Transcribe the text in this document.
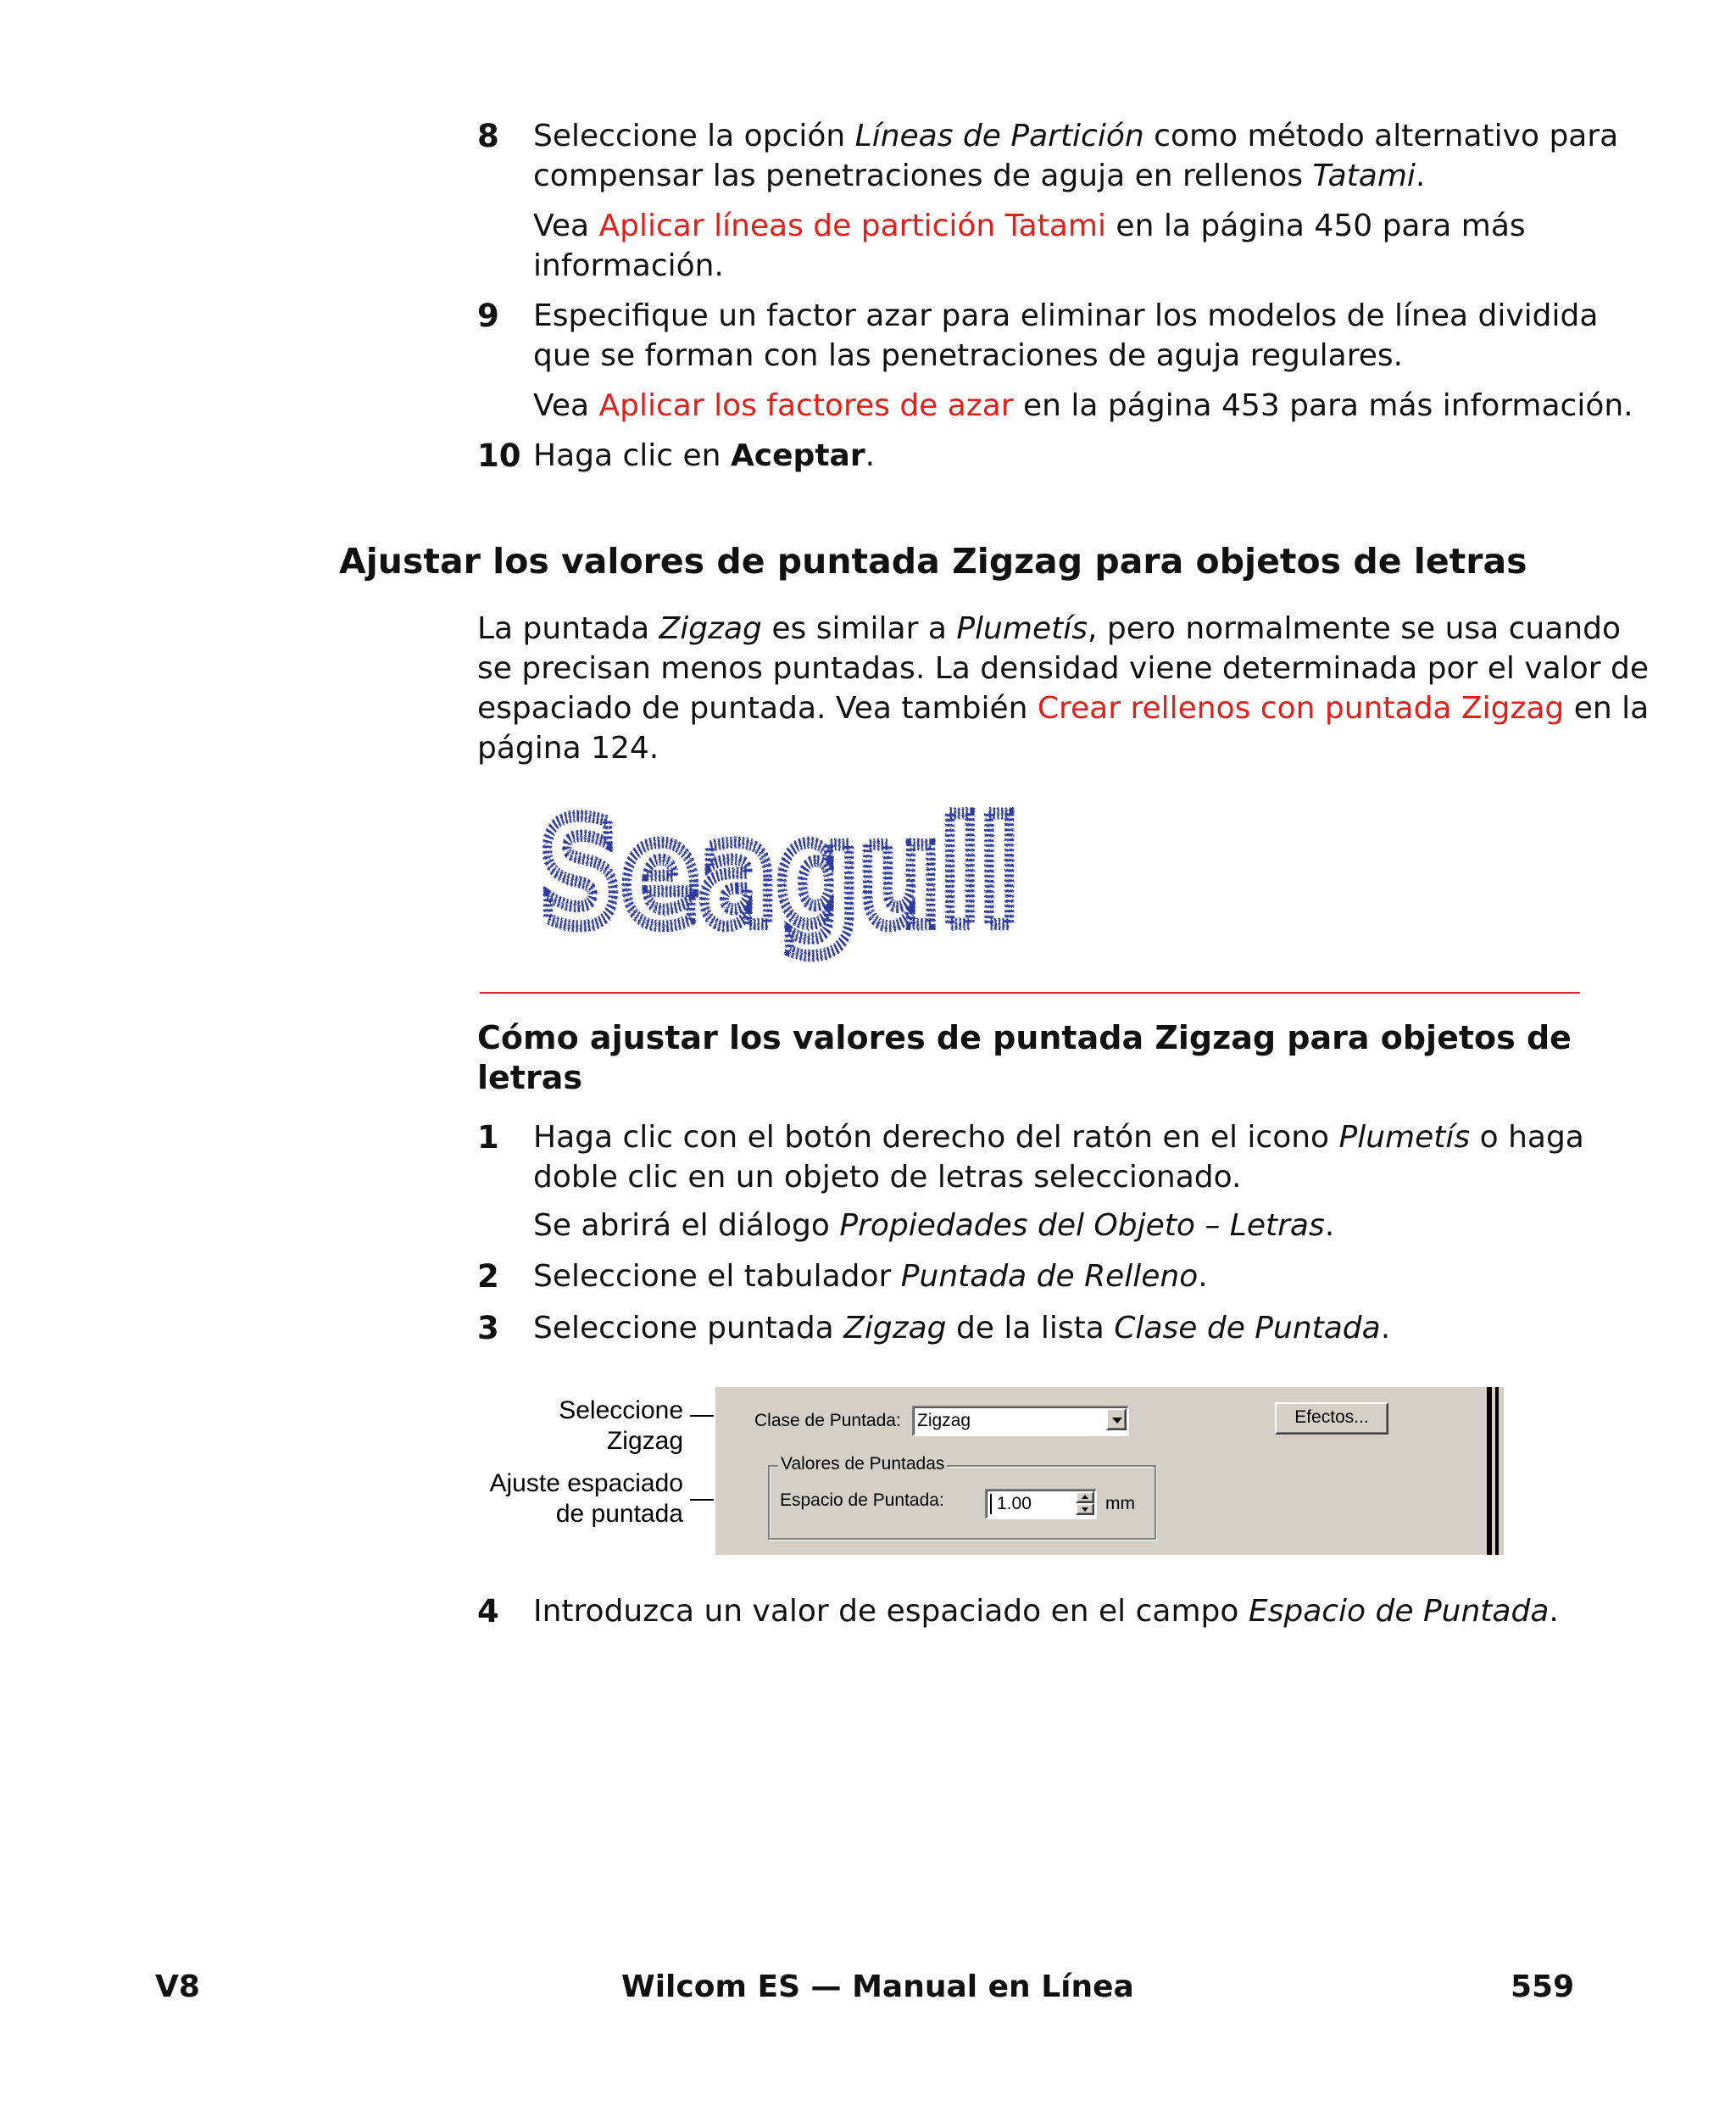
8 Seleccione la opción Líneas de Partición como método alternativo para
compensar las penetraciones de aguja en rellenos Tatami.
Vea Aplicar líneas de partición Tatami en la página 450 para más
información.
9 Especifique un factor azar para eliminar los modelos de línea dividida
que se forman con las penetraciones de aguja regulares.
Vea Aplicar los factores de azar en la página 453 para más información.
10 Haga clic en Aceptar.
Ajustar los valores de puntada Zigzag para objetos de letras
La puntada Zigzag es similar a Plumetís, pero normalmente se usa cuando
se precisan menos puntadas. La densidad viene determinada por el valor de
espaciado de puntada. Vea también Crear rellenos con puntada Zigzag en la
página 124.
Seagull
Cómo ajustar los valores de puntada Zigzag para objetos de
letras
1 Haga clic con el botón derecho del ratón en el icono Plumetís o haga
doble clic en un objeto de letras seleccionado.
Se abrirá el diálogo Propiedades del Objeto – Letras.
2 Seleccione el tabulador Puntada de Relleno.
3 Seleccione puntada Zigzag de la lista Clase de Puntada.
Seleccione
Zigzag
Ajuste espaciado
de puntada
Clase de Puntada: Zigzag	Efectos...
Valores de Puntadas
Espacio de Puntada:	1.00	mm
4 Introduzca un valor de espaciado en el campo Espacio de Puntada.
V8	Wilcom ES — Manual en Línea	559
